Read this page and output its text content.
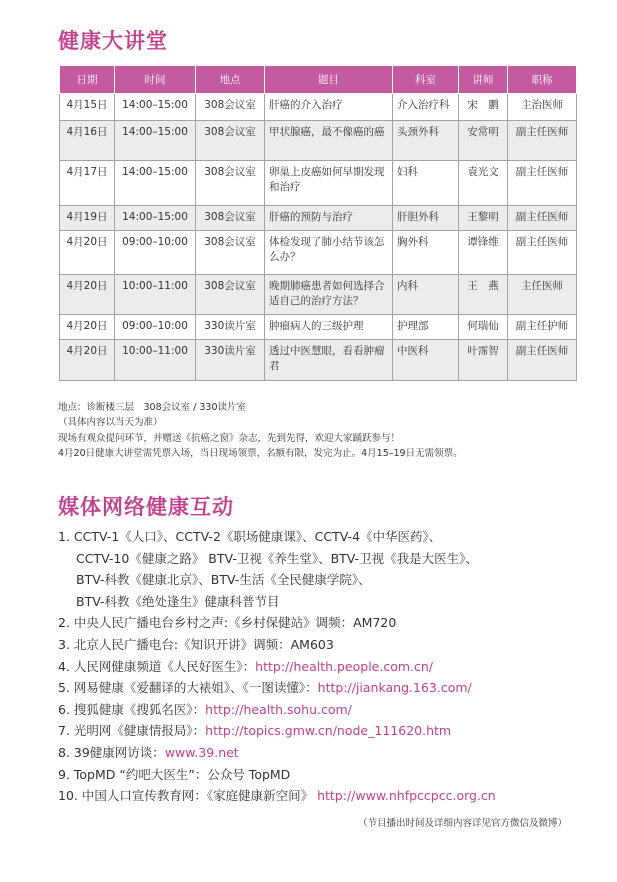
健康大讲堂
日期	时间	地点	题目	科室	讲师	职称
4月15日	14:00–15:00	308会议室	肝癌的介入治疗	介入治疗科	宋　鹏	主治医师
4月16日	14:00–15:00	308会议室	甲状腺癌，最不像癌的癌	头颈外科	安常明	副主任医师
4月17日	14:00–15:00	308会议室	卵巢上皮癌如何早期发现和治疗	妇科	袁光文	副主任医师
4月19日	14:00–15:00	308会议室	肝癌的预防与治疗	肝胆外科	王黎明	副主任医师
4月20日	09:00–10:00	308会议室	体检发现了肺小结节该怎么办？	胸外科	谭锋维	副主任医师
4月20日	10:00–11:00	308会议室	晚期肺癌患者如何选择合适自己的治疗方法？	内科	王　燕	主任医师
4月20日	09:00–10:00	330读片室	肿瘤病人的三级护理	护理部	何瑞仙	副主任护师
4月20日	10:00–11:00	330读片室	透过中医慧眼，看看肿瘤君	中医科	叶霈智	副主任医师
地点：诊断楼三层　308会议室 / 330读片室
（具体内容以当天为准）
现场有观众提问环节，并赠送《抗癌之窗》杂志，先到先得，欢迎大家踊跃参与！
4月20日健康大讲堂需凭票入场，当日现场领票，名额有限，发完为止。4月15–19日无需领票。
媒体网络健康互动
1. CCTV-1《人口》、CCTV-2《职场健康课》、CCTV-4《中华医药》、
CCTV-10《健康之路》 BTV-卫视《养生堂》、BTV-卫视《我是大医生》、
BTV-科教《健康北京》、BTV-生活《全民健康学院》、
BTV-科教《绝处逢生》健康科普节目
2. 中央人民广播电台乡村之声:《乡村保健站》调频：AM720
3. 北京人民广播电台:《知识开讲》调频：AM603
4. 人民网健康频道《人民好医生》：http://health.people.com.cn/
5. 网易健康《爱翻译的大裱姐》、《一图读懂》：http://jiankang.163.com/
6. 搜狐健康《搜狐名医》：http://health.sohu.com/
7. 光明网《健康情报局》：http://topics.gmw.cn/node_111620.htm
8. 39健康网访谈：www.39.net
9. TopMD “约吧大医生”：公众号 TopMD
10. 中国人口宣传教育网：《家庭健康新空间》 http://www.nhfpccpcc.org.cn
（节目播出时间及详细内容详见官方微信及微博）
